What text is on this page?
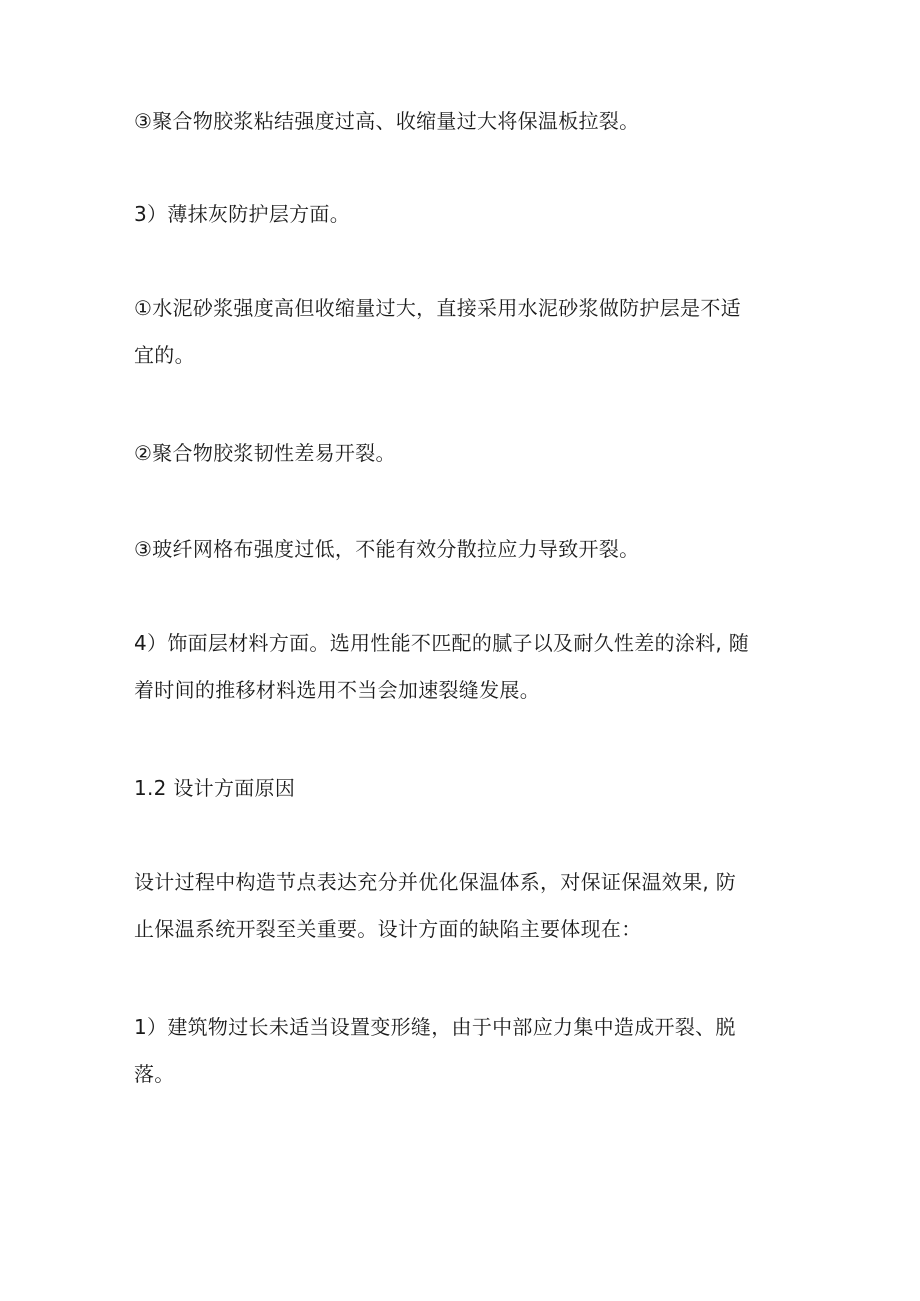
③聚合物胶浆粘结强度过高、收缩量过大将保温板拉裂。

3）薄抹灰防护层方面。

①水泥砂浆强度高但收缩量过大，直接采用水泥砂浆做防护层是不适
宜的。

②聚合物胶浆韧性差易开裂。

③玻纤网格布强度过低，不能有效分散拉应力导致开裂。

4）饰面层材料方面。选用性能不匹配的腻子以及耐久性差的涂料, 随
着时间的推移材料选用不当会加速裂缝发展。

1.2 设计方面原因

设计过程中构造节点表达充分并优化保温体系，对保证保温效果, 防
止保温系统开裂至关重要。设计方面的缺陷主要体现在：

1）建筑物过长未适当设置变形缝，由于中部应力集中造成开裂、脱
落。
